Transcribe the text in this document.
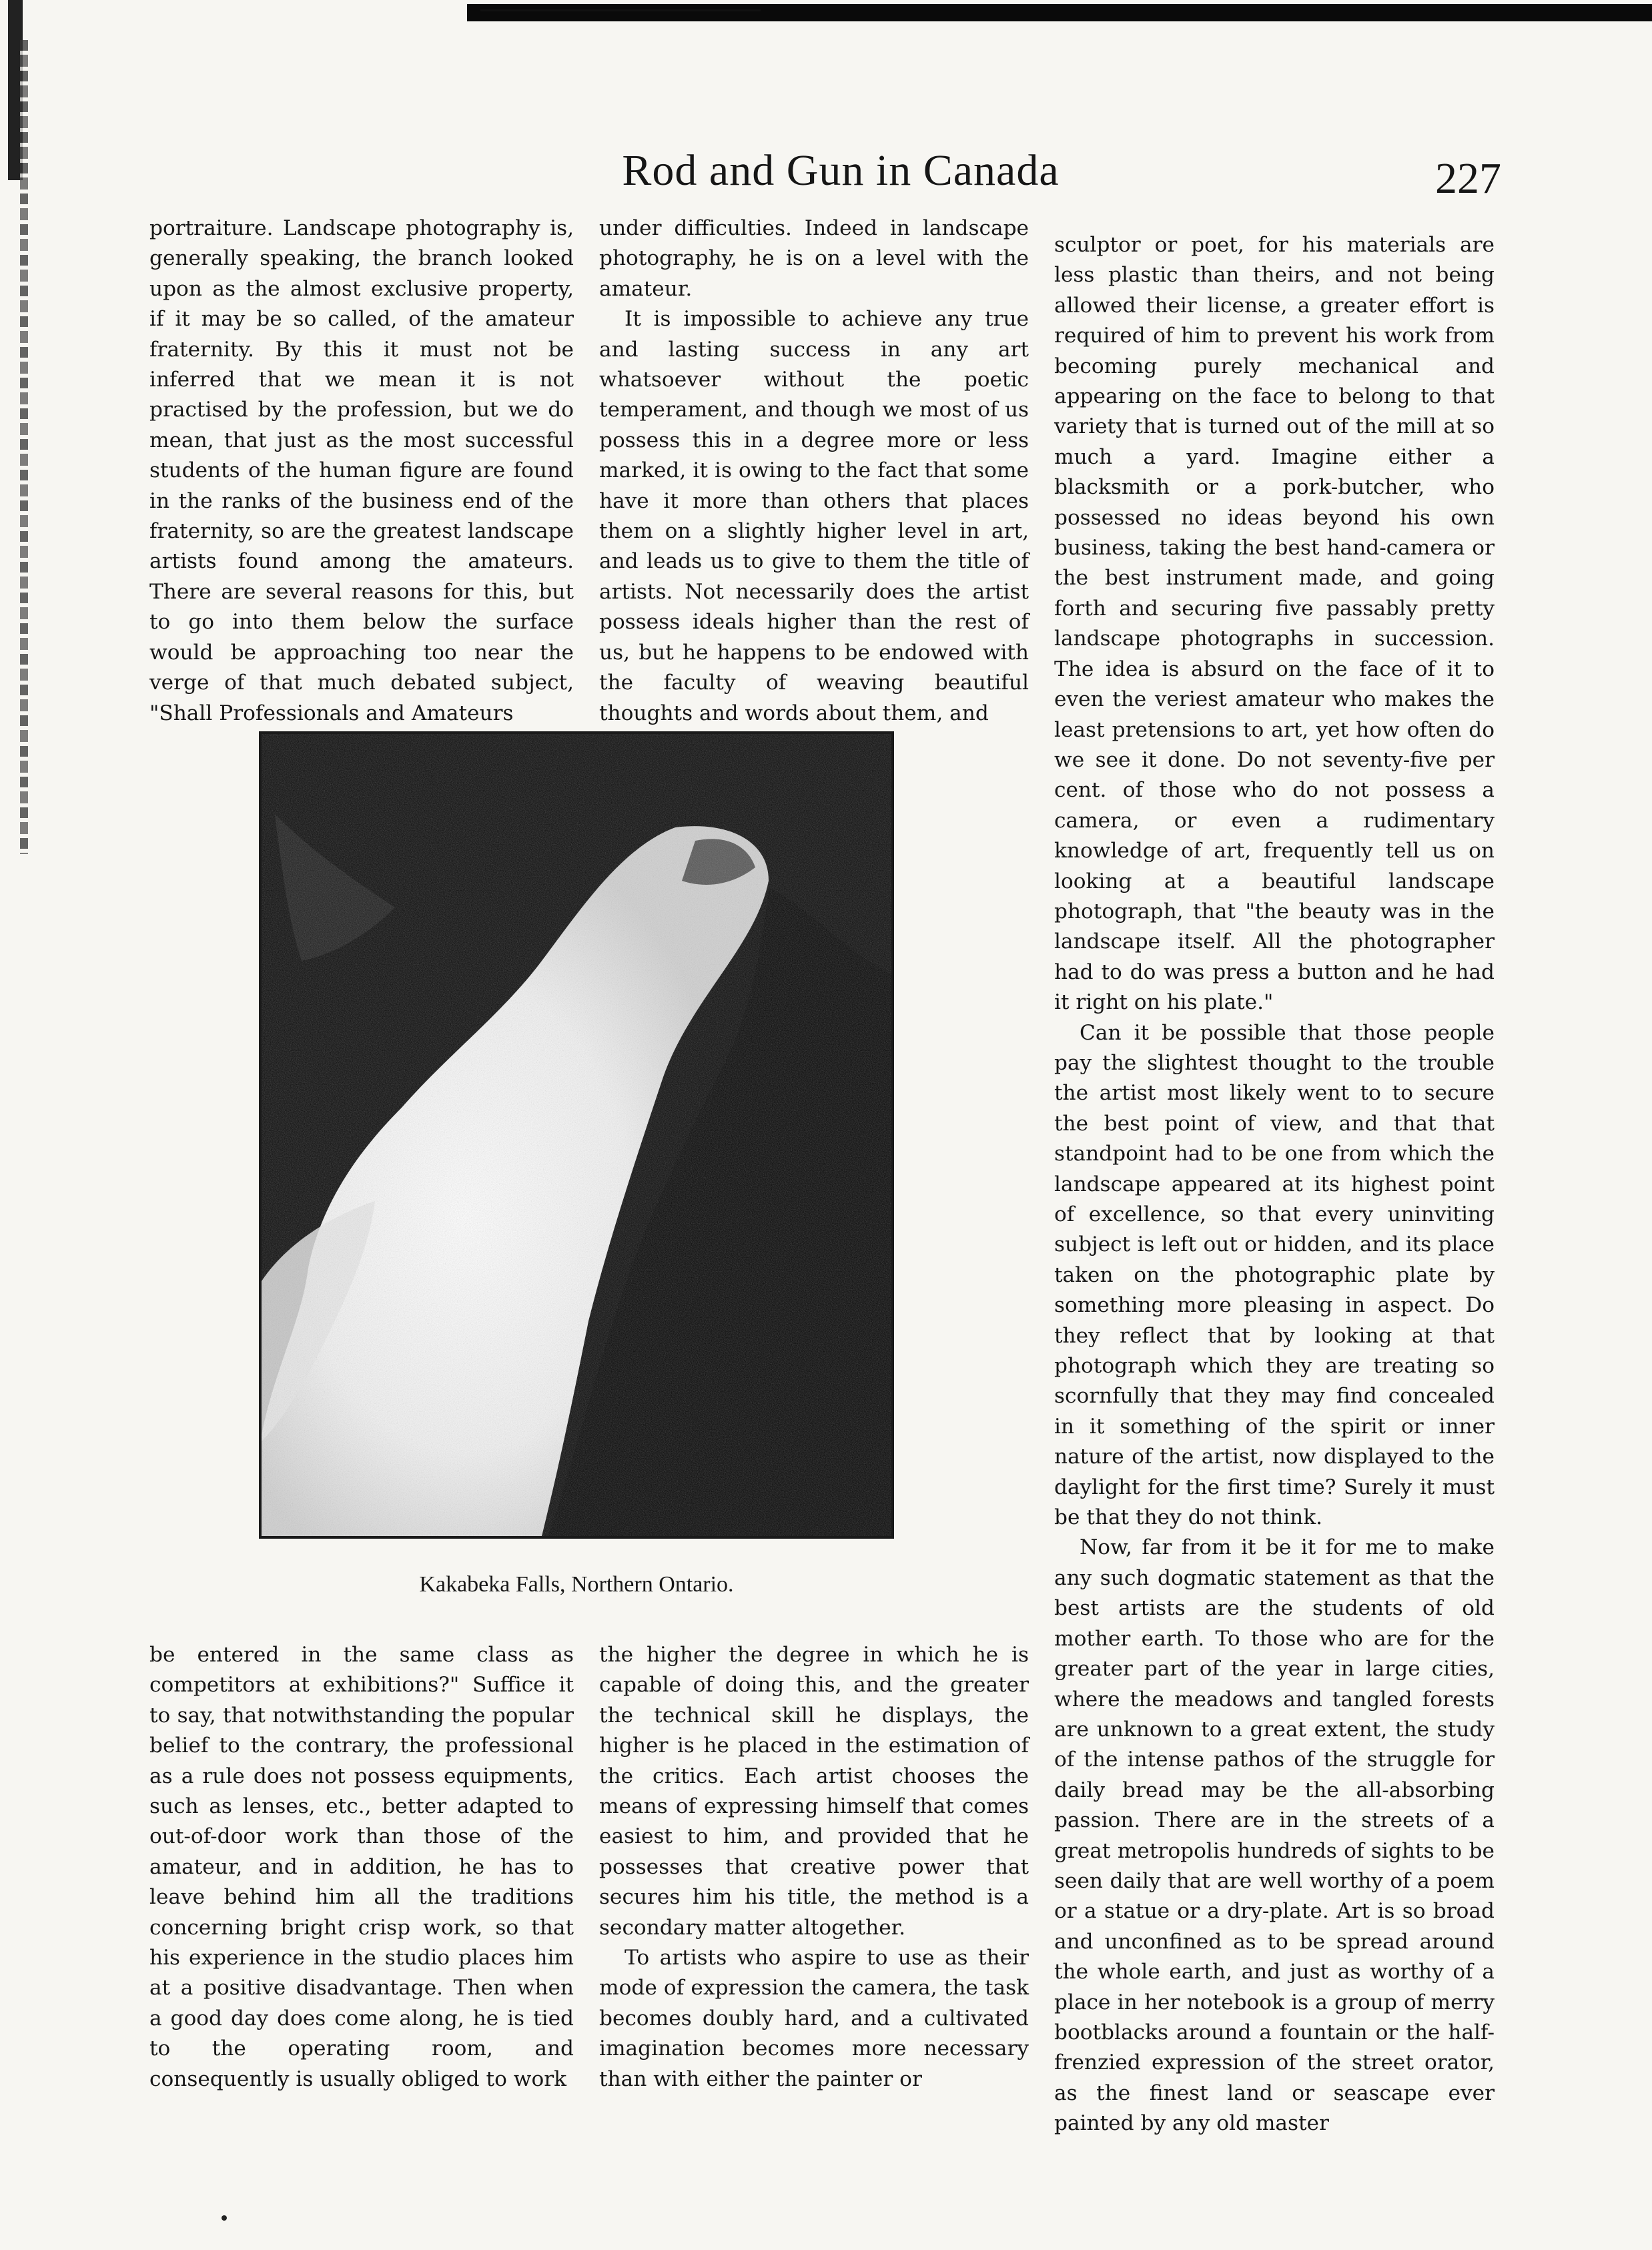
Rod and Gun in Canada	227

portraiture. Landscape photography is, generally speaking, the branch looked upon as the almost exclusive property, if it may be so called, of the amateur fraternity. By this it must not be inferred that we mean it is not practised by the profession, but we do mean, that just as the most successful students of the human figure are found in the ranks of the business end of the fraternity, so are the greatest landscape artists found among the amateurs. There are several reasons for this, but to go into them below the surface would be approaching too near the verge of that much debated subject, "Shall Professionals and Amateurs

under difficulties. Indeed in landscape photography, he is on a level with the amateur.

It is impossible to achieve any true and lasting success in any art whatsoever without the poetic temperament, and though we most of us possess this in a degree more or less marked, it is owing to the fact that some have it more than others that places them on a slightly higher level in art, and leads us to give to them the title of artists. Not necessarily does the artist possess ideals higher than the rest of us, but he happens to be endowed with the faculty of weaving beautiful thoughts and words about them, and

sculptor or poet, for his materials are less plastic than theirs, and not being allowed their license, a greater effort is required of him to prevent his work from becoming purely mechanical and appearing on the face to belong to that variety that is turned out of the mill at so much a yard. Imagine either a blacksmith or a pork-butcher, who possessed no ideas beyond his own business, taking the best hand-camera or the best instrument made, and going forth and securing five passably pretty landscape photographs in succession. The idea is absurd on the face of it to even the veriest amateur who makes the least pretensions to art, yet how often do we see it done. Do not seventy-five per cent. of those who do not possess a camera, or even a rudimentary knowledge of art, frequently tell us on looking at a beautiful landscape photograph, that "the beauty was in the landscape itself. All the photographer had to do was press a button and he had it right on his plate."

Can it be possible that those people pay the slightest thought to the trouble the artist most likely went to to secure the best point of view, and that that standpoint had to be one from which the landscape appeared at its highest point of excellence, so that every uninviting subject is left out or hidden, and its place taken on the photographic plate by something more pleasing in aspect. Do they reflect that by looking at that photograph which they are treating so scornfully that they may find concealed in it something of the spirit or inner nature of the artist, now displayed to the daylight for the first time? Surely it must be that they do not think.

Now, far from it be it for me to make any such dogmatic statement as that the best artists are the students of old mother earth. To those who are for the greater part of the year in large cities, where the meadows and tangled forests are unknown to a great extent, the study of the intense pathos of the struggle for daily bread may be the all-absorbing passion. There are in the streets of a great metropolis hundreds of sights to be seen daily that are well worthy of a poem or a statue or a dry-plate. Art is so broad and unconfined as to be spread around the whole earth, and just as worthy of a place in her notebook is a group of merry bootblacks around a fountain or the half-frenzied expression of the street orator, as the finest land or seascape ever painted by any old master

Kakabeka Falls, Northern Ontario.

be entered in the same class as competitors at exhibitions?" Suffice it to say, that notwithstanding the popular belief to the contrary, the professional as a rule does not possess equipments, such as lenses, etc., better adapted to out-of-door work than those of the amateur, and in addition, he has to leave behind him all the traditions concerning bright crisp work, so that his experience in the studio places him at a positive disadvantage. Then when a good day does come along, he is tied to the operating room, and consequently is usually obliged to work

the higher the degree in which he is capable of doing this, and the greater the technical skill he displays, the higher is he placed in the estimation of the critics. Each artist chooses the means of expressing himself that comes easiest to him, and provided that he possesses that creative power that secures him his title, the method is a secondary matter altogether.

To artists who aspire to use as their mode of expression the camera, the task becomes doubly hard, and a cultivated imagination becomes more necessary than with either the painter or
